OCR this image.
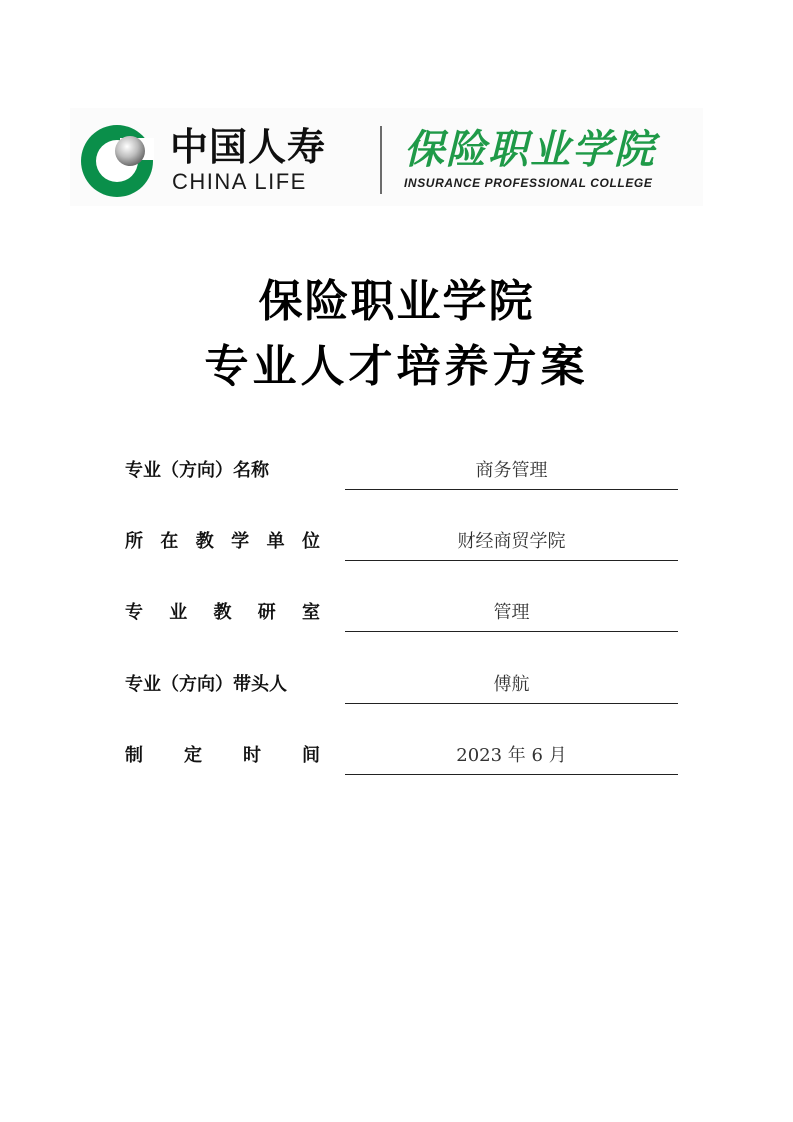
中国人寿
CHINA LIFE
保险职业学院
INSURANCE PROFESSIONAL COLLEGE
保险职业学院
专业人才培养方案
专业（方向）名称	商务管理
所 在 教 学 单 位	财经商贸学院
专 业 教 研 室	管理
专业（方向）带头人	傅航
制 定 时 间	2023 年 6 月
